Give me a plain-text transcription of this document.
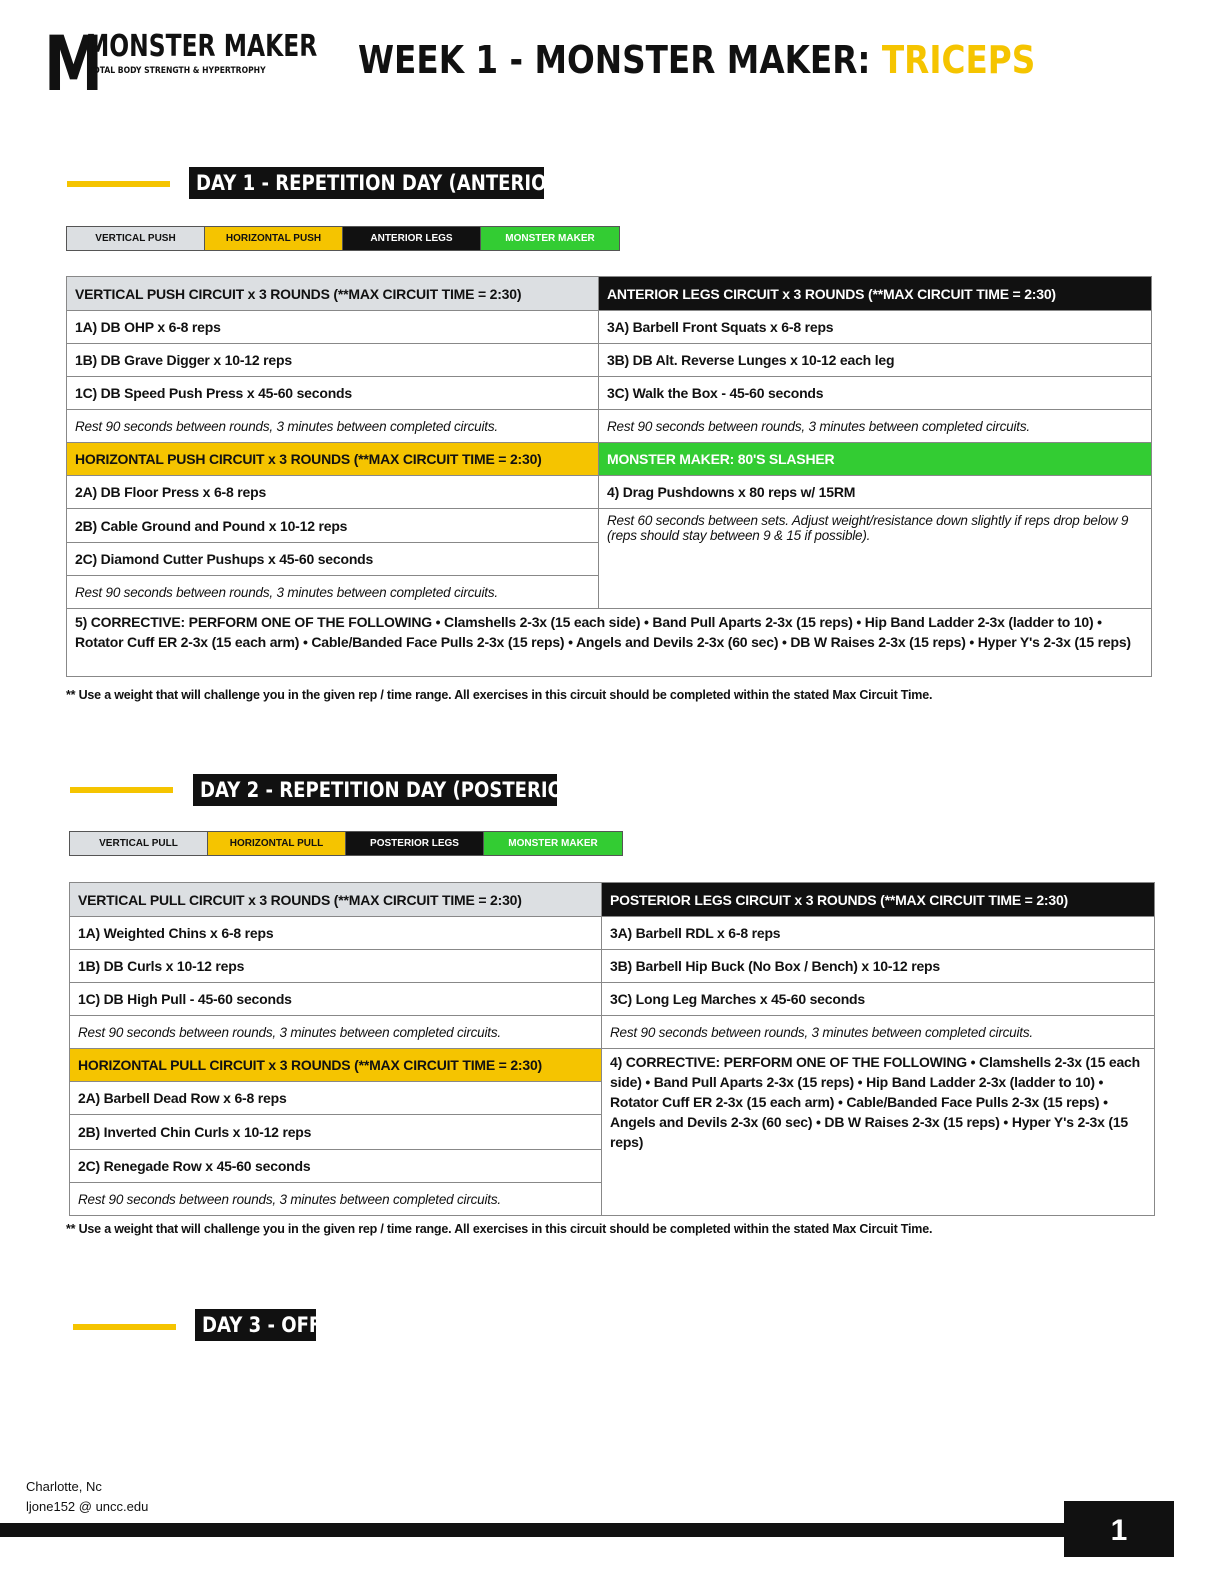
M
MONSTER MAKER
TOTAL BODY STRENGTH & HYPERTROPHY WEEK 1 - MONSTER MAKER: TRICEPS
DAY 1 - REPETITION DAY (ANTERIOR)
VERTICAL PUSH	HORIZONTAL PUSH	ANTERIOR LEGS	MONSTER MAKER
VERTICAL PUSH CIRCUIT x 3 ROUNDS (**MAX CIRCUIT TIME = 2:30)	ANTERIOR LEGS CIRCUIT x 3 ROUNDS (**MAX CIRCUIT TIME = 2:30)
1A) DB OHP x 6-8 reps	3A) Barbell Front Squats x 6-8 reps
1B) DB Grave Digger x 10-12 reps	3B) DB Alt. Reverse Lunges x 10-12 each leg
1C) DB Speed Push Press x 45-60 seconds	3C) Walk the Box - 45-60 seconds
Rest 90 seconds between rounds, 3 minutes between completed circuits.	Rest 90 seconds between rounds, 3 minutes between completed circuits.
HORIZONTAL PUSH CIRCUIT x 3 ROUNDS (**MAX CIRCUIT TIME = 2:30)	MONSTER MAKER: 80'S SLASHER
2A) DB Floor Press x 6-8 reps	4) Drag Pushdowns x 80 reps w/ 15RM
2B) Cable Ground and Pound x 10-12 reps	Rest 60 seconds between sets. Adjust weight/resistance down slightly if reps drop below 9 (reps should stay between 9 & 15 if possible).
2C) Diamond Cutter Pushups x 45-60 seconds	
Rest 90 seconds between rounds, 3 minutes between completed circuits.	
5) CORRECTIVE: PERFORM ONE OF THE FOLLOWING • Clamshells 2-3x (15 each side) • Band Pull Aparts 2-3x (15 reps) • Hip Band Ladder 2-3x (ladder to 10) • Rotator Cuff ER 2-3x (15 each arm) • Cable/Banded Face Pulls 2-3x (15 reps) • Angels and Devils 2-3x (60 sec) • DB W Raises 2-3x (15 reps) • Hyper Y's 2-3x (15 reps)	
** Use a weight that will challenge you in the given rep / time range. All exercises in this circuit should be completed within the stated Max Circuit Time.
DAY 2 - REPETITION DAY (POSTERIOR)
VERTICAL PULL	HORIZONTAL PULL	POSTERIOR LEGS	MONSTER MAKER
VERTICAL PULL CIRCUIT x 3 ROUNDS (**MAX CIRCUIT TIME = 2:30)	POSTERIOR LEGS CIRCUIT x 3 ROUNDS (**MAX CIRCUIT TIME = 2:30)
1A) Weighted Chins x 6-8 reps	3A) Barbell RDL x 6-8 reps
1B) DB Curls x 10-12 reps	3B) Barbell Hip Buck (No Box / Bench) x 10-12 reps
1C) DB High Pull - 45-60 seconds	3C) Long Leg Marches x 45-60 seconds
Rest 90 seconds between rounds, 3 minutes between completed circuits.	Rest 90 seconds between rounds, 3 minutes between completed circuits.
HORIZONTAL PULL CIRCUIT x 3 ROUNDS (**MAX CIRCUIT TIME = 2:30)	4) CORRECTIVE: PERFORM ONE OF THE FOLLOWING • Clamshells 2-3x (15 each side) • Band Pull Aparts 2-3x (15 reps) • Hip Band Ladder 2-3x (ladder to 10) • Rotator Cuff ER 2-3x (15 each arm) • Cable/Banded Face Pulls 2-3x (15 reps) • Angels and Devils 2-3x (60 sec) • DB W Raises 2-3x (15 reps) • Hyper Y's 2-3x (15 reps)
2A) Barbell Dead Row x 6-8 reps	
2B) Inverted Chin Curls x 10-12 reps	
2C) Renegade Row x 45-60 seconds	
Rest 90 seconds between rounds, 3 minutes between completed circuits.	
** Use a weight that will challenge you in the given rep / time range. All exercises in this circuit should be completed within the stated Max Circuit Time.
DAY 3 - OFF
Charlotte, Nc
ljone152 @ uncc.edu
1
